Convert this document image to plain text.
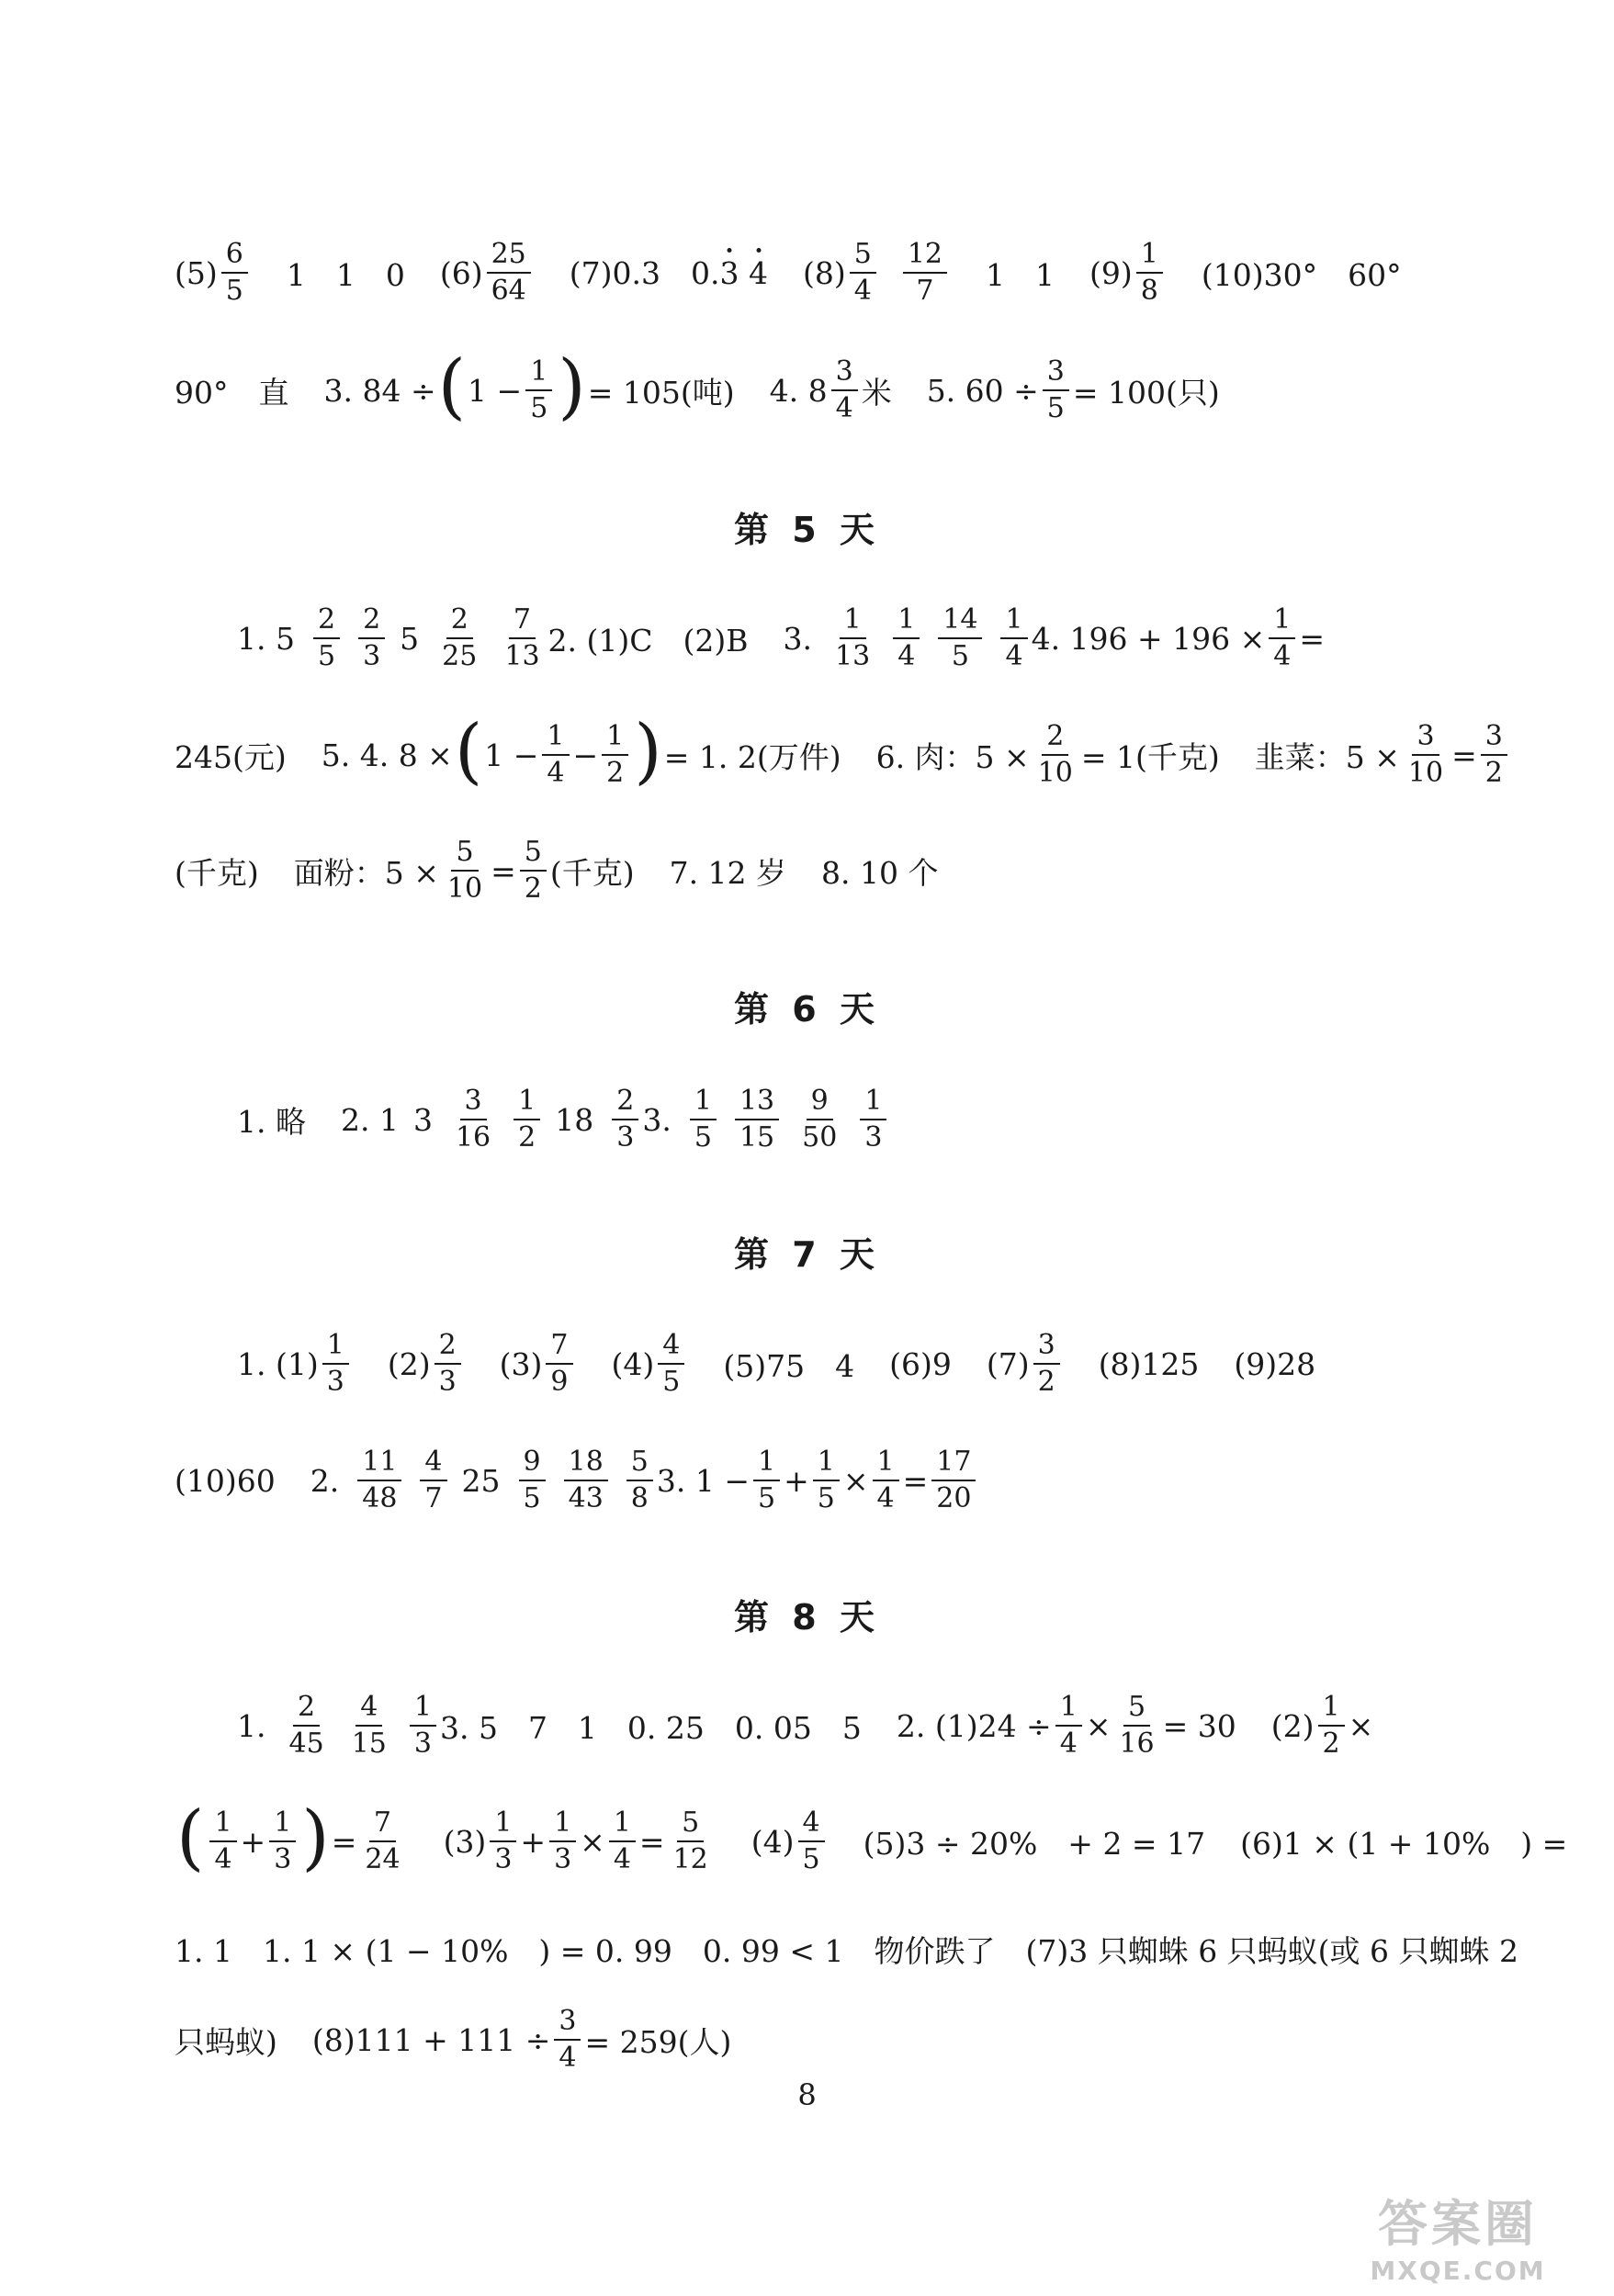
$(5) \frac{6}{5} 1$　1　0 $(6) \frac{25}{64} (7)0.3$
　 0. 3
4 $(8) \frac{5}{4}$
$\frac{12}{7} 1$　1 $(9) \frac{1}{8} (10)30^\circ$　60°
90°　直 3. 84 ÷ ( $1 - \frac{1}{5}$ ) = 105(吨) 4. $8 \frac{3}{4}$ 米 5. $60 \div \frac{3}{5} = 100$(只)
第 5 天
1. $5 \frac{2}{5} \frac{2}{3} 5 \frac{2}{25} \frac{7}{13} 2$. (1)C　(2)B 3. $\frac{1}{13} \frac{1}{4} \frac{14}{5} \frac{1}{4} 4$. $196 + 196 \times \frac{1}{4}$ =
245(元) 5. 4. 8 × ( $1 - \frac{1}{4} - \frac{1}{2}$ ) = 1. 2(万件) 6. 肉：$5 \times \frac{2}{10} = 1$(千克) 韭菜：$5 \times \frac{3}{10} = \frac{3}{2}$
(千克) 面粉：$5 \times \frac{5}{10} = \frac{5}{2}$ (千克) 7. 12 岁 8. 10 个
第 6 天
1. 略 2. 1 $3 \frac{3}{16} \frac{1}{2} 18 \frac{2}{3} 3$. $\frac{1}{5} \frac{13}{15} \frac{9}{50} \frac{1}{3}$
第 7 天
1. $(1) \frac{1}{3} (2) \frac{2}{3} (3) \frac{7}{9} (4) \frac{4}{5} (5)75$　4 (6)9 $(7) \frac{3}{2} (8)125$ (9)28
(10)60 2. $\frac{11}{48} \frac{4}{7} 25 \frac{9}{5} \frac{18}{43} \frac{5}{8} 3$. $1 - \frac{1}{5} + \frac{1}{5} \times \frac{1}{4} = \frac{17}{20}$
第 8 天
1. $\frac{2}{45} \frac{4}{15} \frac{1}{3} 3$. 5　7　1　0. 25　0. 05　5 2. $(1)24 \div \frac{1}{4} \times \frac{5}{16} = 30$ $(2) \frac{1}{2}$ ×
( $\frac{1}{4} + \frac{1}{3}$ ) = $\frac{7}{24} (3) \frac{1}{3} + \frac{1}{3} \times \frac{1}{4} = \frac{5}{12} (4) \frac{4}{5} (5)3 \div 20\%$　+ 2 = 17 (6)1 × (1 + 10%　) =
1. 1　1. 1 × (1 − 10%　) = 0. 99　0. 99 < 1　物价跌了　(7)3 只蜘蛛 6 只蚂蚁(或 6 只蜘蛛 2
只蚂蚁) $(8)111 + 111 \div \frac{3}{4} = 259$(人)
8
答案圈
MXQE.COM
